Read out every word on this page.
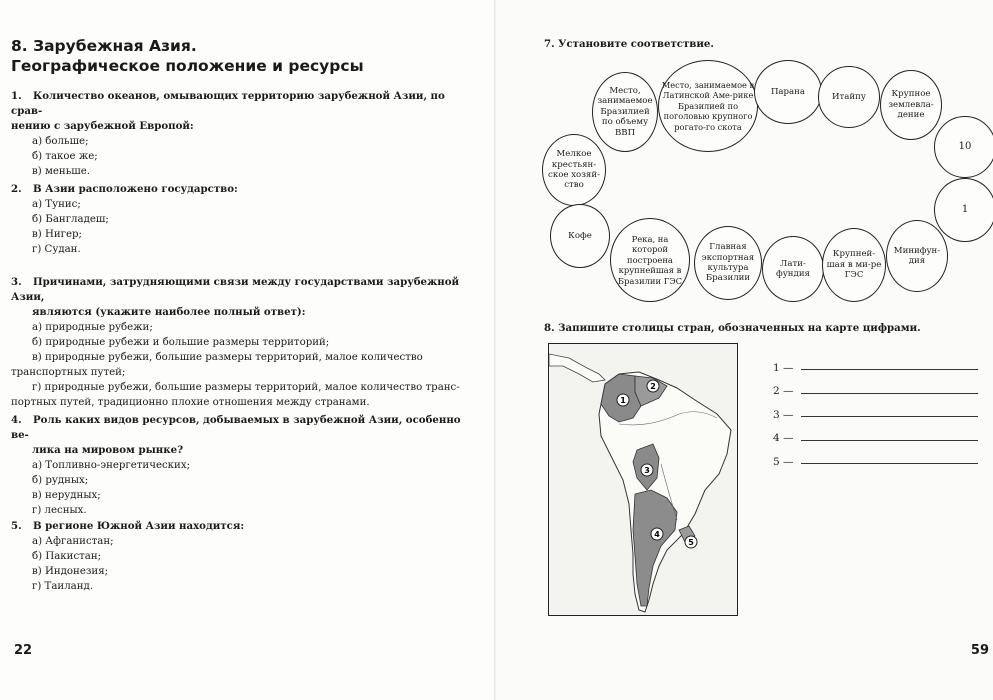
8. Зарубежная Азия.
Географическое положение и ресурсы
1. Количество океанов, омывающих территорию зарубежной Азии, по срав-
нению с зарубежной Европой:
а) больше;
б) такое же;
в) меньше.
2. В Азии расположено государство:
а) Тунис;
б) Бангладеш;
в) Нигер;
г) Судан.
3. Причинами, затрудняющими связи между государствами зарубежной Азии,
являются (укажите наиболее полный ответ):
а) природные рубежи;
б) природные рубежи и большие размеры территорий;
в) природные рубежи, большие размеры территорий, малое количество
транспортных путей;
г) природные рубежи, большие размеры территорий, малое количество транс-
портных путей, традиционно плохие отношения между странами.
4. Роль каких видов ресурсов, добываемых в зарубежной Азии, особенно ве-
лика на мировом рынке?
а) Топливно-энергетических;
б) рудных;
в) нерудных;
г) лесных.
5. В регионе Южной Азии находится:
а) Афганистан;
б) Пакистан;
в) Индонезия;
г) Таиланд.
22
7. Установите соответствие.
Место, занимаемое Бразилией по объему ВВП
Место, занимаемое в Латинской Аме-рике Бразилией по поголовью крупного рогато-го скота
Парана	Итайпу	Крупное землевла-дение
10
1
Мелкое крестьян-ское хозяй-ство
Кофе	Река, на которой построена крупнейшая в Бразилии ГЭС
Главная экспортная культура Бразилии
Лати-фундия
Крупней-шая в ми-ре ГЭС
Минифун-дия
8. Запишите столицы стран, обозначенных на карте цифрами.
1
2
3
4
5
1 —
2 —
3 —
4 —
5 —
59
